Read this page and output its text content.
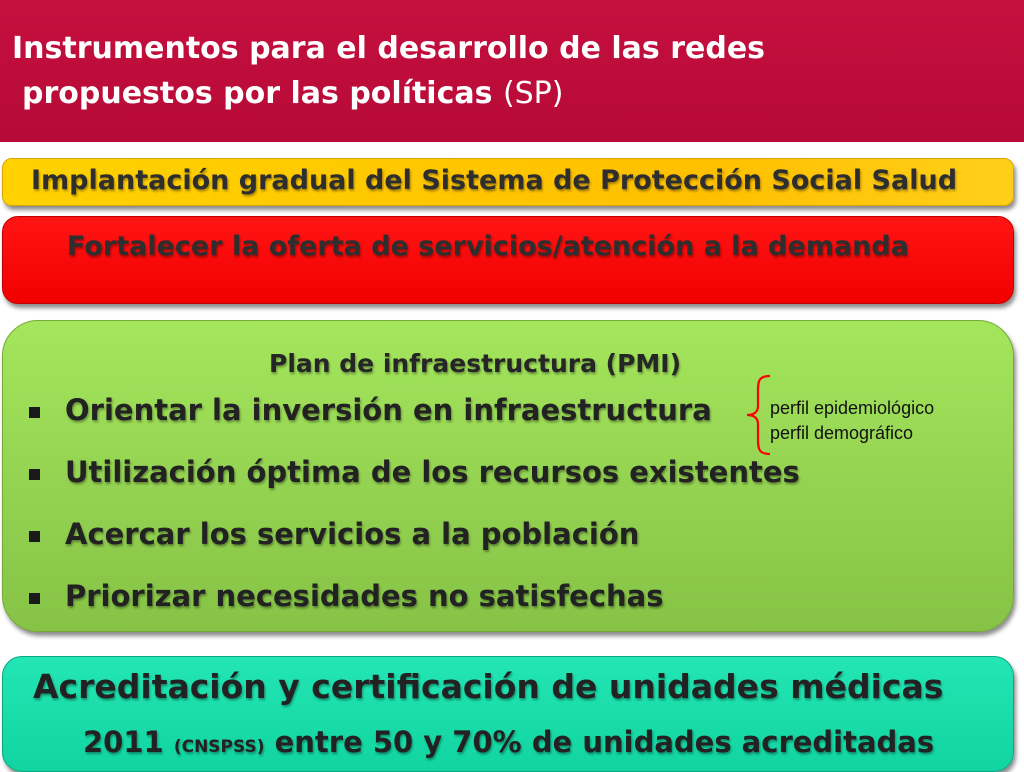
Instrumentos para el desarrollo de las redes
propuestos por las políticas (SP)
Implantación gradual del Sistema de Protección Social Salud
Fortalecer la oferta de servicios/atención a la demanda
Plan de infraestructura (PMI)
Orientar la inversión en infraestructura
Utilización óptima de los recursos existentes
Acercar los servicios a la población
Priorizar necesidades no satisfechas
perfil epidemiológico
perfil demográfico
Acreditación y certificación de unidades médicas
2011 (CNSPSS) entre 50 y 70% de unidades acreditadas
